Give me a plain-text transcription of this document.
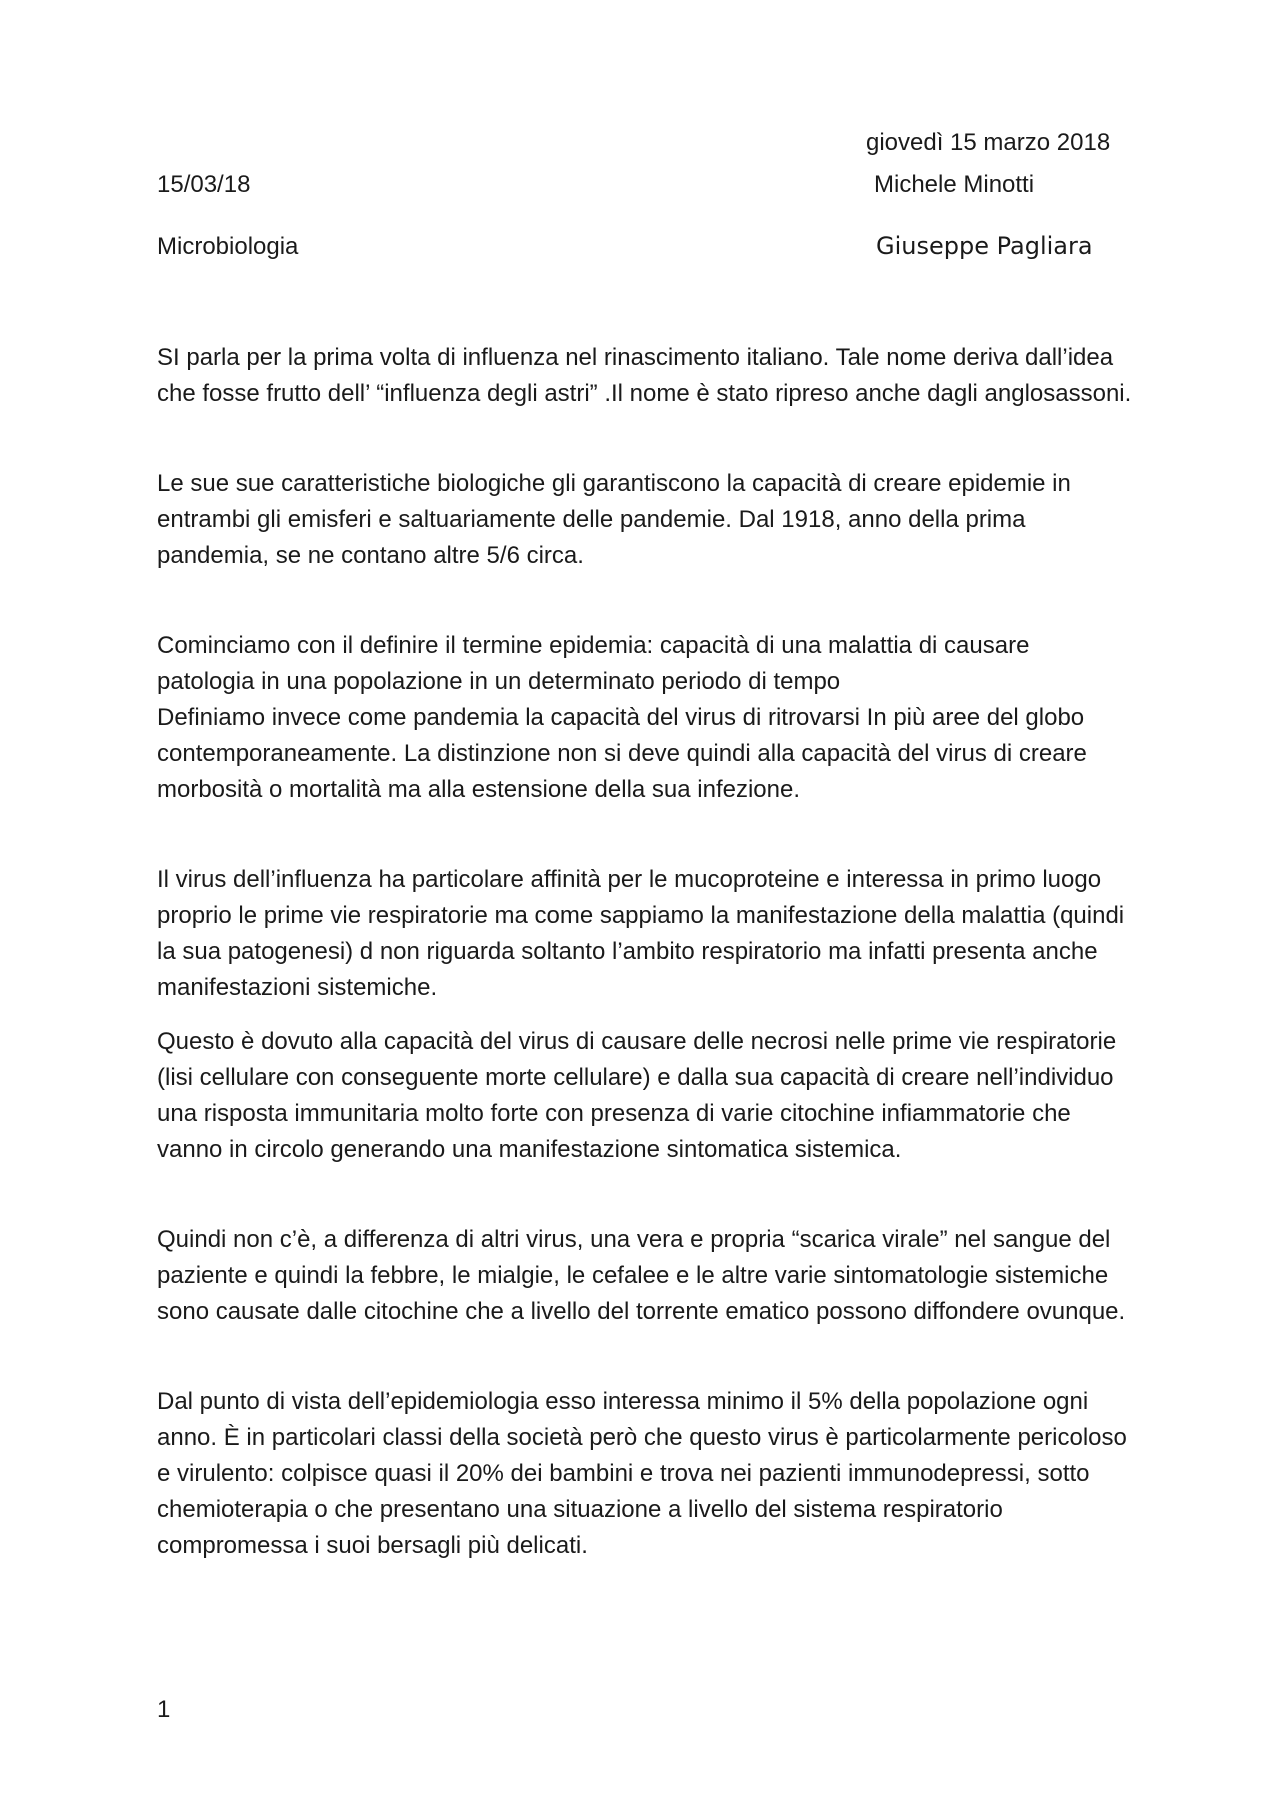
giovedì 15 marzo 2018
15/03/18	Michele Minotti
Microbiologia	Giuseppe Pagliara

SI parla per la prima volta di influenza nel rinascimento italiano. Tale nome deriva dall’idea che fosse frutto dell’ “influenza degli astri” .Il nome è stato ripreso anche dagli anglosassoni.

Le sue sue caratteristiche biologiche gli garantiscono la capacità di creare epidemie in entrambi gli emisferi e saltuariamente delle pandemie. Dal 1918, anno della prima pandemia, se ne contano altre 5/6 circa.

Cominciamo con il definire il termine epidemia: capacità di una malattia di causare patologia in una popolazione in un determinato periodo di tempo

Definiamo invece come pandemia la capacità del virus di ritrovarsi In più aree del globo contemporaneamente. La distinzione non si deve quindi alla capacità del virus di creare morbosità o mortalità ma alla estensione della sua infezione.

Il virus dell’influenza ha particolare affinità per le mucoproteine e interessa in primo luogo proprio le prime vie respiratorie ma come sappiamo la manifestazione della malattia (quindi la sua patogenesi) d non riguarda soltanto l’ambito respiratorio ma infatti presenta anche manifestazioni sistemiche.

Questo è dovuto alla capacità del virus di causare delle necrosi nelle prime vie respiratorie (lisi cellulare con conseguente morte cellulare) e dalla sua capacità di creare nell’individuo una risposta immunitaria molto forte con presenza di varie citochine infiammatorie che vanno in circolo generando una manifestazione sintomatica sistemica.

Quindi non c’è, a differenza di altri virus, una vera e propria “scarica virale” nel sangue del paziente e quindi la febbre, le mialgie, le cefalee e le altre varie sintomatologie sistemiche sono causate dalle citochine che a livello del torrente ematico possono diffondere ovunque.

Dal punto di vista dell’epidemiologia esso interessa minimo il 5% della popolazione ogni anno. È in particolari classi della società però che questo virus è particolarmente pericoloso e virulento: colpisce quasi il 20% dei bambini e trova nei pazienti immunodepressi, sotto chemioterapia o che presentano una situazione a livello del sistema respiratorio compromessa i suoi bersagli più delicati.

1
